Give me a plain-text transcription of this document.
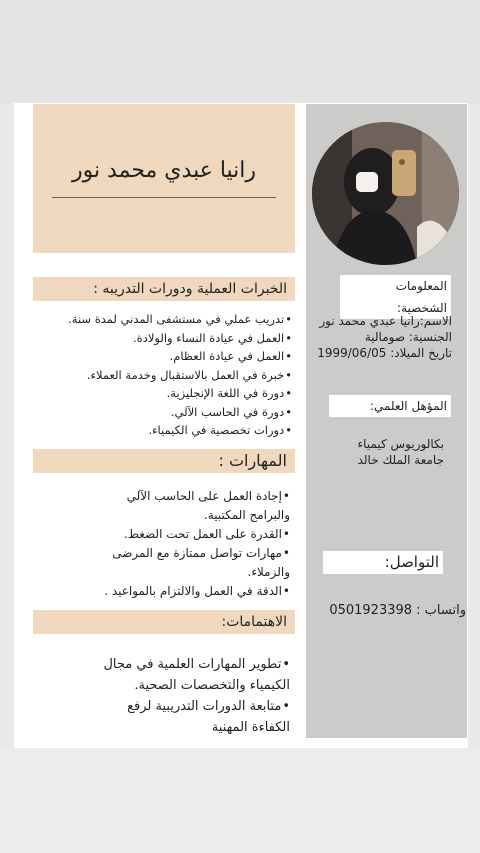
رانيا عبدي محمد نور
المعلومات الشخصية:
الاسم:رانيا عبدي محمد نور
الجنسية: صومالية
تاريخ الميلاد: 1999/06/05
المؤهل العلمي:
بكالوريوس كيمياء
جامعة الملك خالد
التواصل:
واتساب : 0501923398
الخبرات العملية ودورات التدريبه :
• تدريب عملي في مستشفى المدني لمدة سنة.
• العمل في عيادة النساء والولادة.
• العمل في عيادة العظام.
• خبرة في العمل بالاستقبال وخدمة العملاء.
• دورة في اللغة الإنجليزية.
• دورة في الحاسب الآلي.
• دورات تخصصية في الكيمياء.
المهارات :
• إجادة العمل على الحاسب الآلي والبرامج المكتبية.
• القدرة على العمل تحت الضغط.
• مهارات تواصل ممتازة مع المرضى والزملاء.
• الدقة في العمل والالتزام بالمواعيد .
الاهتمامات:
• تطوير المهارات العلمية في مجال الكيمياء والتخصصات الصحية.
• متابعة الدورات التدريبية لرفع الكفاءة المهنية
